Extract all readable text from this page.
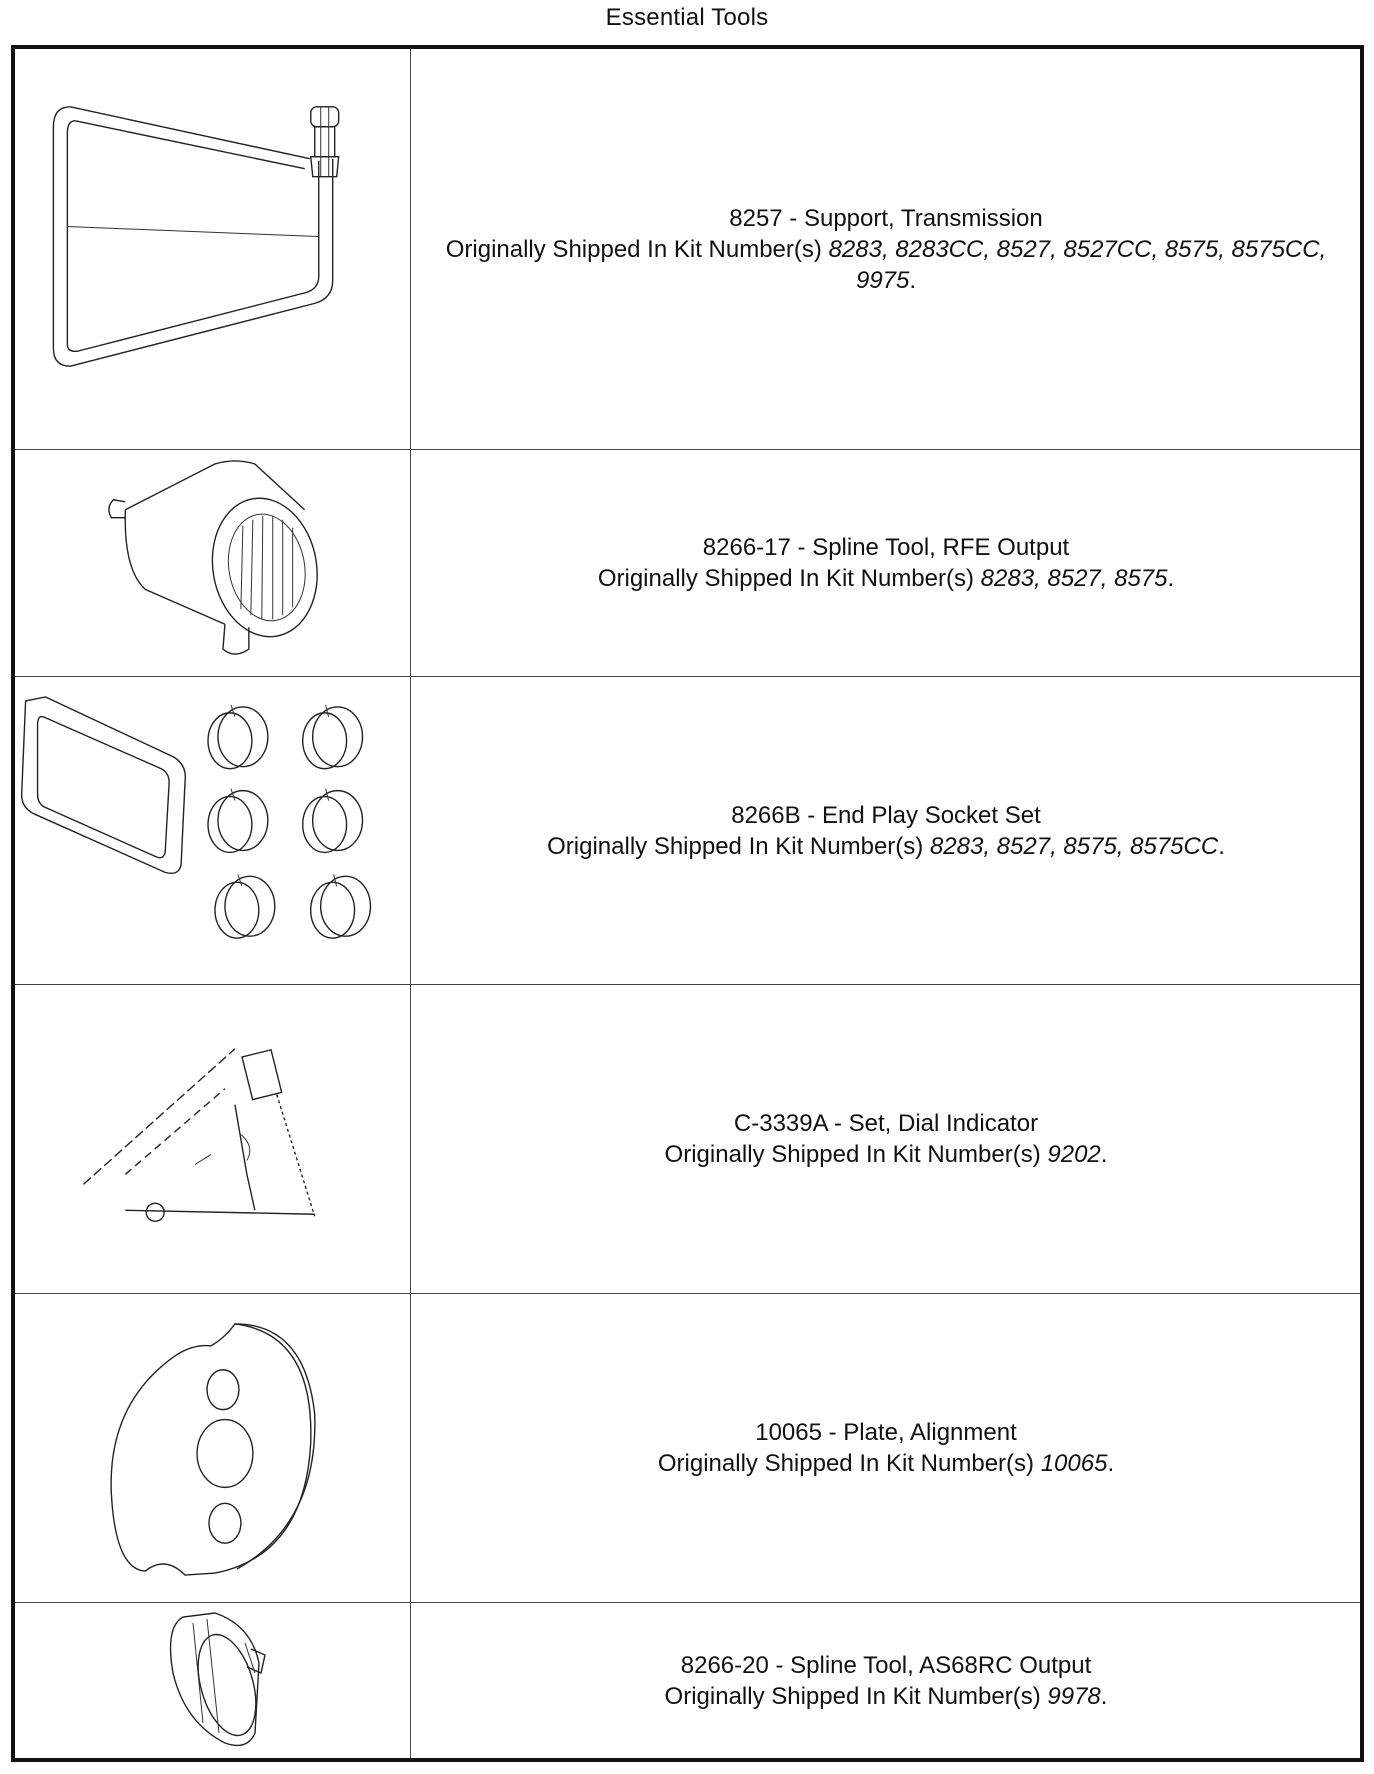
Essential Tools
8257 - Support, Transmission
Originally Shipped In Kit Number(s) 8283, 8283CC, 8527, 8527CC, 8575, 8575CC, 9975.
8266-17 - Spline Tool, RFE Output
Originally Shipped In Kit Number(s) 8283, 8527, 8575.
8266B - End Play Socket Set
Originally Shipped In Kit Number(s) 8283, 8527, 8575, 8575CC.
C-3339A - Set, Dial Indicator
Originally Shipped In Kit Number(s) 9202.
10065 - Plate, Alignment
Originally Shipped In Kit Number(s) 10065.
8266-20 - Spline Tool, AS68RC Output
Originally Shipped In Kit Number(s) 9978.
